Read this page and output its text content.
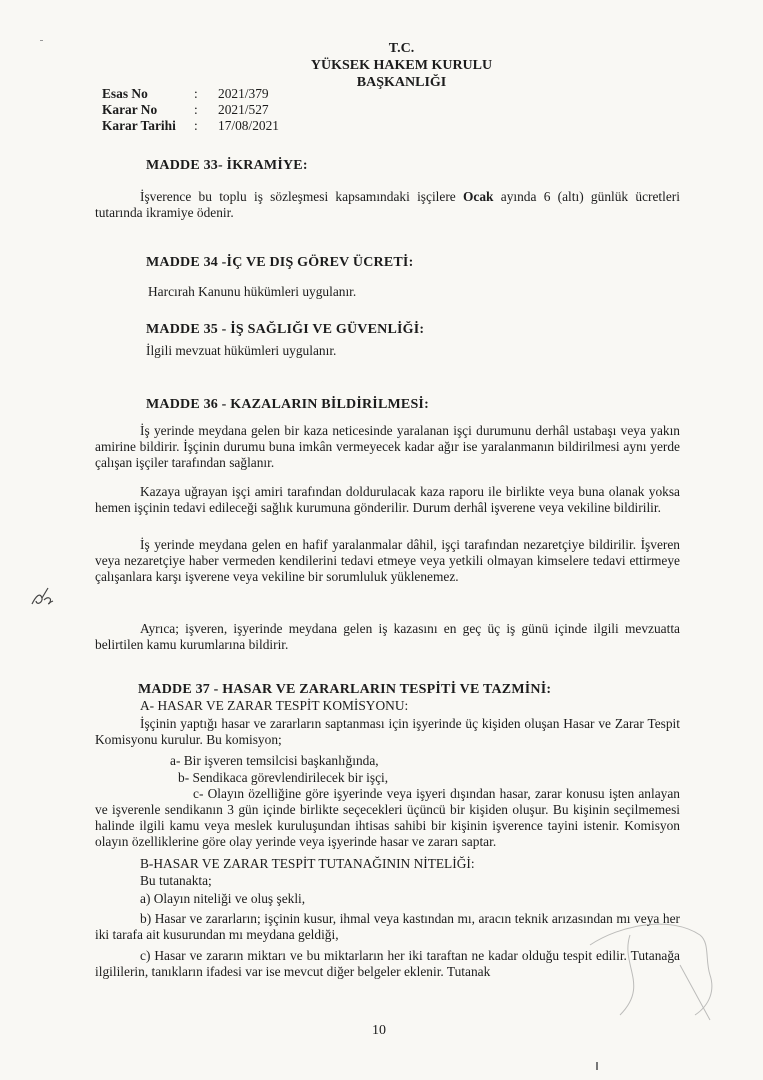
T.C.
YÜKSEK HAKEM KURULU
BAŞKANLIĞI
Esas No	:	2021/379
Karar No	:	2021/527
Karar Tarihi	:	17/08/2021
MADDE 33- İKRAMİYE:
İşverence bu toplu iş sözleşmesi kapsamındaki işçilere Ocak ayında 6 (altı) günlük ücretleri tutarında ikramiye ödenir.
MADDE 34 -İÇ VE DIŞ GÖREV ÜCRETİ:
Harcırah Kanunu hükümleri uygulanır.
MADDE 35 - İŞ SAĞLIĞI VE GÜVENLİĞİ:
İlgili mevzuat hükümleri uygulanır.
MADDE 36 - KAZALARIN BİLDİRİLMESİ:
İş yerinde meydana gelen bir kaza neticesinde yaralanan işçi durumunu derhâl ustabaşı veya yakın amirine bildirir. İşçinin durumu buna imkân vermeyecek kadar ağır ise yaralanmanın bildirilmesi aynı yerde çalışan işçiler tarafından sağlanır.
Kazaya uğrayan işçi amiri tarafından doldurulacak kaza raporu ile birlikte veya buna olanak yoksa hemen işçinin tedavi edileceği sağlık kurumuna gönderilir. Durum derhâl işverene veya vekiline bildirilir.
İş yerinde meydana gelen en hafif yaralanmalar dâhil, işçi tarafından nezaretçiye bildirilir. İşveren veya nezaretçiye haber vermeden kendilerini tedavi etmeye veya yetkili olmayan kimselere tedavi ettirmeye çalışanlara karşı işverene veya vekiline bir sorumluluk yüklenemez.
Ayrıca; işveren, işyerinde meydana gelen iş kazasını en geç üç iş günü içinde ilgili mevzuatta belirtilen kamu kurumlarına bildirir.
MADDE 37 - HASAR VE ZARARLARIN TESPİTİ VE TAZMİNİ:
A- HASAR VE ZARAR TESPİT KOMİSYONU:
İşçinin yaptığı hasar ve zararların saptanması için işyerinde üç kişiden oluşan Hasar ve Zarar Tespit Komisyonu kurulur. Bu komisyon;
a- Bir işveren temsilcisi başkanlığında,
b- Sendikaca görevlendirilecek bir işçi,
c- Olayın özelliğine göre işyerinde veya işyeri dışından hasar, zarar konusu işten anlayan ve işverenle sendikanın 3 gün içinde birlikte seçecekleri üçüncü bir kişiden oluşur. Bu kişinin seçilmemesi halinde ilgili kamu veya meslek kuruluşundan ihtisas sahibi bir kişinin işverence tayini istenir. Komisyon olayın özelliklerine göre olay yerinde veya işyerinde hasar ve zararı saptar.
B-HASAR VE ZARAR TESPİT TUTANAĞININ NİTELİĞİ:
Bu tutanakta;
a) Olayın niteliği ve oluş şekli,
b) Hasar ve zararların; işçinin kusur, ihmal veya kastından mı, aracın teknik arızasından mı veya her iki tarafa ait kusurundan mı meydana geldiği,
c) Hasar ve zararın miktarı ve bu miktarların her iki taraftan ne kadar olduğu tespit edilir. Tutanağa ilgililerin, tanıkların ifadesi var ise mevcut diğer belgeler eklenir. Tutanak
10
